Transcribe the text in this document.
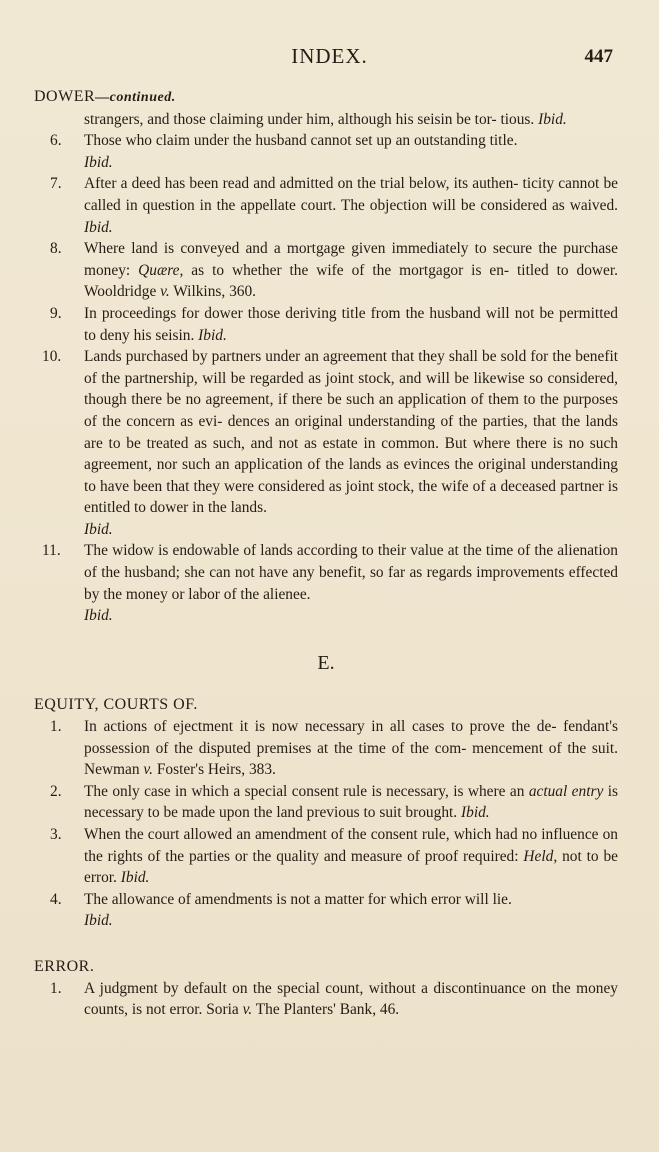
INDEX.	447

DOWER—continued.

strangers, and those claiming under him, although his seisin be tor- tious. Ibid.
6. Those who claim under the husband cannot set up an outstanding title.
Ibid.
7. After a deed has been read and admitted on the trial below, its authen- ticity cannot be called in question in the appellate court. The objection will be considered as waived. Ibid.
8. Where land is conveyed and a mortgage given immediately to secure the purchase money: Quære, as to whether the wife of the mortgagor is en- titled to dower. Wooldridge v. Wilkins, 360.
9. In proceedings for dower those deriving title from the husband will not be permitted to deny his seisin. Ibid.
10. Lands purchased by partners under an agreement that they shall be sold for the benefit of the partnership, will be regarded as joint stock, and will be likewise so considered, though there be no agreement, if there be such an application of them to the purposes of the concern as evi- dences an original understanding of the parties, that the lands are to be treated as such, and not as estate in common. But where there is no such agreement, nor such an application of the lands as evinces the original understanding to have been that they were considered as joint stock, the wife of a deceased partner is entitled to dower in the lands.
Ibid.
11. The widow is endowable of lands according to their value at the time of the alienation of the husband; she can not have any benefit, so far as regards improvements effected by the money or labor of the alienee.
Ibid.
E.

EQUITY, COURTS OF.

1. In actions of ejectment it is now necessary in all cases to prove the de- fendant's possession of the disputed premises at the time of the com- mencement of the suit. Newman v. Foster's Heirs, 383.
2. The only case in which a special consent rule is necessary, is where an actual entry is necessary to be made upon the land previous to suit brought. Ibid.
3. When the court allowed an amendment of the consent rule, which had no influence on the rights of the parties or the quality and measure of proof required: Held, not to be error. Ibid.
4. The allowance of amendments is not a matter for which error will lie.
Ibid.

ERROR.

1. A judgment by default on the special count, without a discontinuance on the money counts, is not error. Soria v. The Planters' Bank, 46.
